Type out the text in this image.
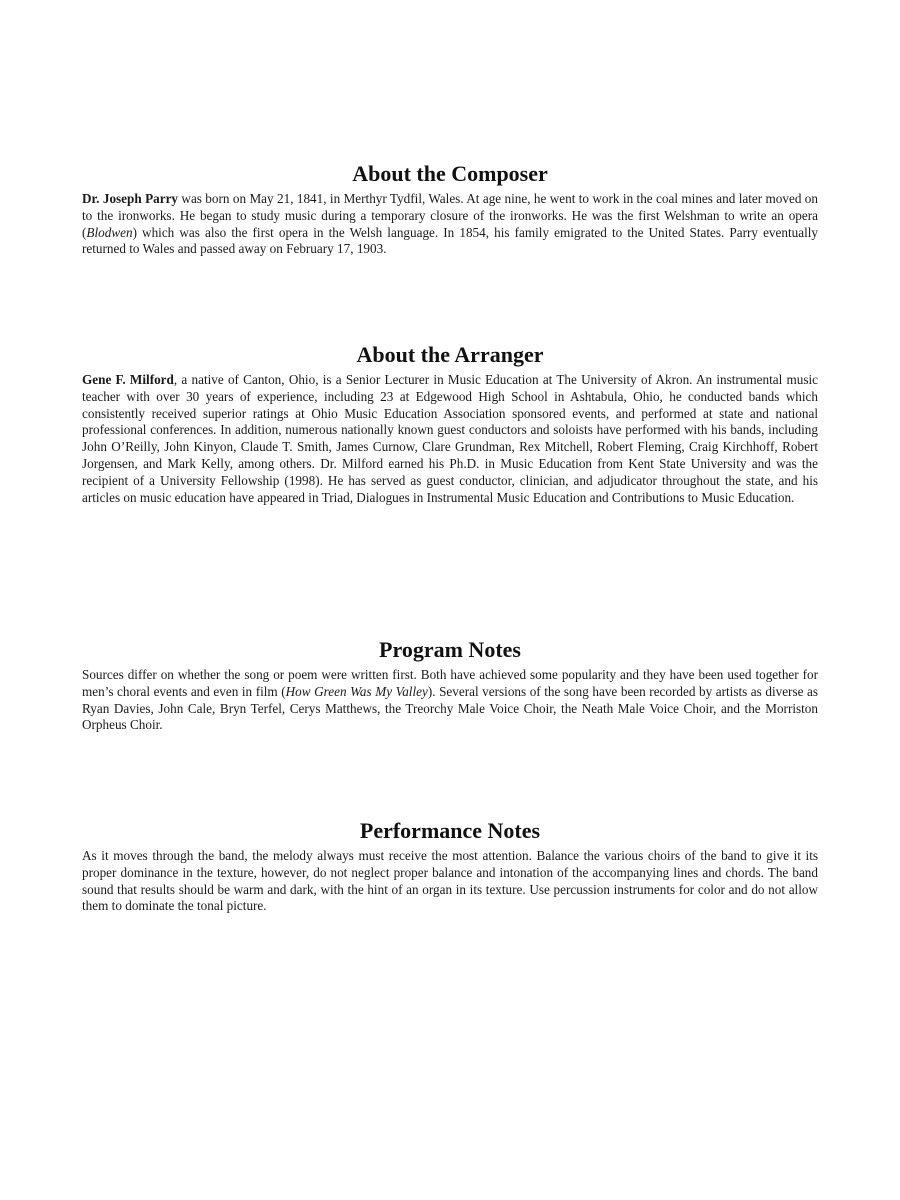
About the Composer

Dr. Joseph Parry was born on May 21, 1841, in Merthyr Tydfil, Wales. At age nine, he went to work in the coal mines and later moved on to the ironworks. He began to study music during a temporary closure of the ironworks. He was the first Welshman to write an opera (Blodwen) which was also the first opera in the Welsh language. In 1854, his family emigrated to the United States. Parry eventually returned to Wales and passed away on February 17, 1903.

About the Arranger

Gene F. Milford, a native of Canton, Ohio, is a Senior Lecturer in Music Education at The University of Akron. An instrumental music teacher with over 30 years of experience, including 23 at Edgewood High School in Ashtabula, Ohio, he conducted bands which consistently received superior ratings at Ohio Music Education Association sponsored events, and performed at state and national professional conferences. In addition, numerous nationally known guest conductors and soloists have performed with his bands, including John O’Reilly, John Kinyon, Claude T. Smith, James Curnow, Clare Grundman, Rex Mitchell, Robert Fleming, Craig Kirchhoff, Robert Jorgensen, and Mark Kelly, among others. Dr. Milford earned his Ph.D. in Music Education from Kent State University and was the recipient of a University Fellowship (1998). He has served as guest conductor, clinician, and adjudicator throughout the state, and his articles on music education have appeared in Triad, Dialogues in Instrumental Music Education and Contributions to Music Education.

Program Notes

Sources differ on whether the song or poem were written first. Both have achieved some popularity and they have been used together for men’s choral events and even in film (How Green Was My Valley). Several versions of the song have been recorded by artists as diverse as Ryan Davies, John Cale, Bryn Terfel, Cerys Matthews, the Treorchy Male Voice Choir, the Neath Male Voice Choir, and the Morriston Orpheus Choir.

Performance Notes

As it moves through the band, the melody always must receive the most attention. Balance the various choirs of the band to give it its proper dominance in the texture, however, do not neglect proper balance and intonation of the accompanying lines and chords. The band sound that results should be warm and dark, with the hint of an organ in its texture. Use percussion instruments for color and do not allow them to dominate the tonal picture.
